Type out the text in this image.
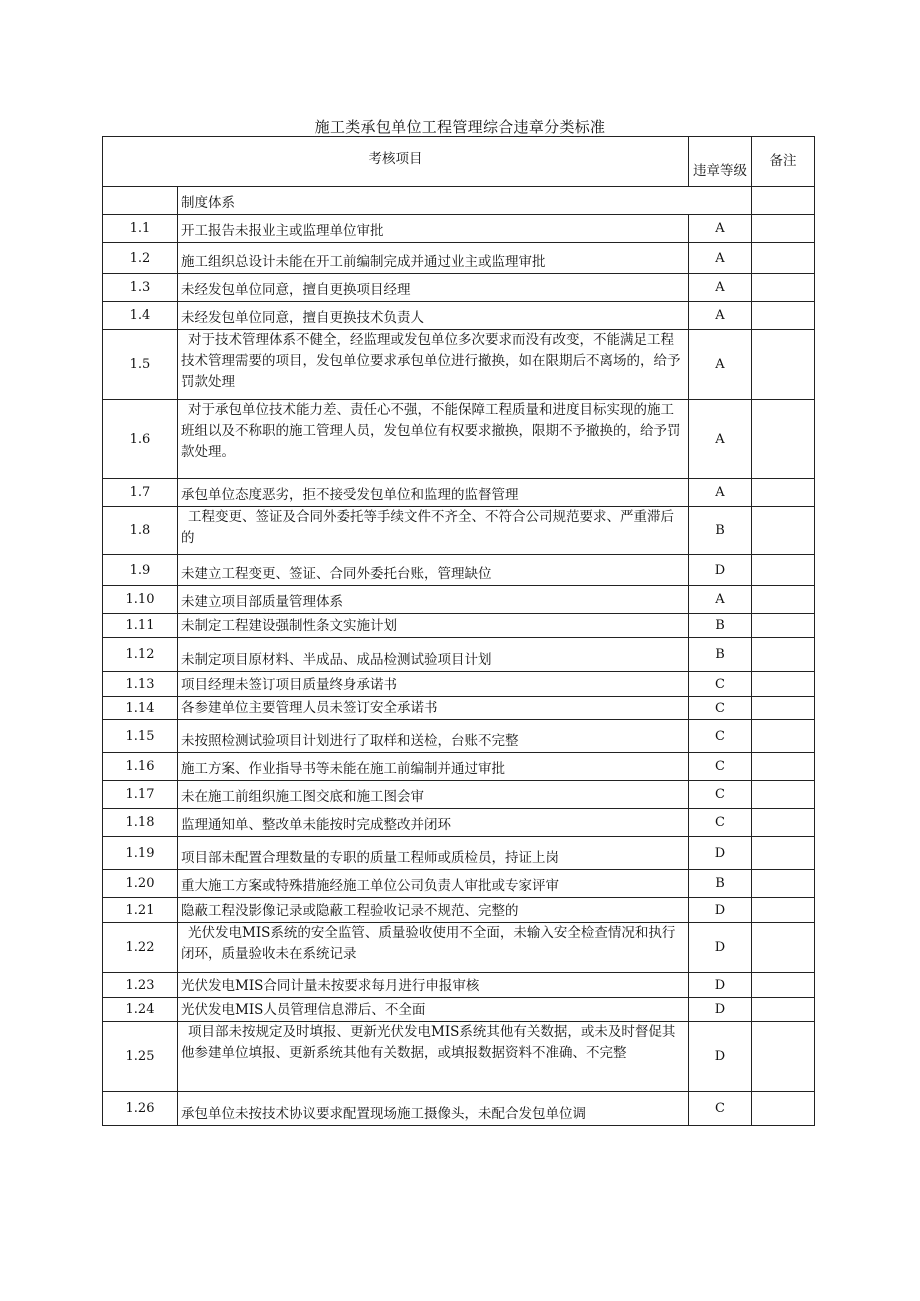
施工类承包单位工程管理综合违章分类标准
考核项目		违章等级	备注
	制度体系		
1.1	开工报告未报业主或监理单位审批	A	
1.2	施工组织总设计未能在开工前编制完成并通过业主或监理审批	A	
1.3	未经发包单位同意，擅自更换项目经理	A	
1.4	未经发包单位同意，擅自更换技术负责人	A	
1.5	对于技术管理体系不健全，经监理或发包单位多次要求而没有改变，不能满足工程技术管理需要的项目，发包单位要求承包单位进行撤换，如在限期后不离场的，给予罚款处理	A	
1.6	对于承包单位技术能力差、责任心不强，不能保障工程质量和进度目标实现的施工班组以及不称职的施工管理人员，发包单位有权要求撤换，限期不予撤换的，给予罚款处理。	A	
1.7	承包单位态度恶劣，拒不接受发包单位和监理的监督管理	A	
1.8	工程变更、签证及合同外委托等手续文件不齐全、不符合公司规范要求、严重滞后的	B	
1.9	未建立工程变更、签证、合同外委托台账，管理缺位	D	
1.10	未建立项目部质量管理体系	A	
1.11	未制定工程建设强制性条文实施计划	B	
1.12	未制定项目原材料、半成品、成品检测试验项目计划	B	
1.13	项目经理未签订项目质量终身承诺书	C	
1.14	各参建单位主要管理人员未签订安全承诺书	C	
1.15	未按照检测试验项目计划进行了取样和送检，台账不完整	C	
1.16	施工方案、作业指导书等未能在施工前编制并通过审批	C	
1.17	未在施工前组织施工图交底和施工图会审	C	
1.18	监理通知单、整改单未能按时完成整改并闭环	C	
1.19	项目部未配置合理数量的专职的质量工程师或质检员，持证上岗	D	
1.20	重大施工方案或特殊措施经施工单位公司负责人审批或专家评审	B	
1.21	隐蔽工程没影像记录或隐蔽工程验收记录不规范、完整的	D	
1.22	光伏发电MIS系统的安全监管、质量验收使用不全面，未输入安全检查情况和执行闭环，质量验收未在系统记录	D	
1.23	光伏发电MIS合同计量未按要求每月进行申报审核	D	
1.24	光伏发电MIS人员管理信息滞后、不全面	D	
1.25	项目部未按规定及时填报、更新光伏发电MIS系统其他有关数据，或未及时督促其他参建单位填报、更新系统其他有关数据，或填报数据资料不准确、不完整	D	
1.26	承包单位未按技术协议要求配置现场施工摄像头，未配合发包单位调	C	
